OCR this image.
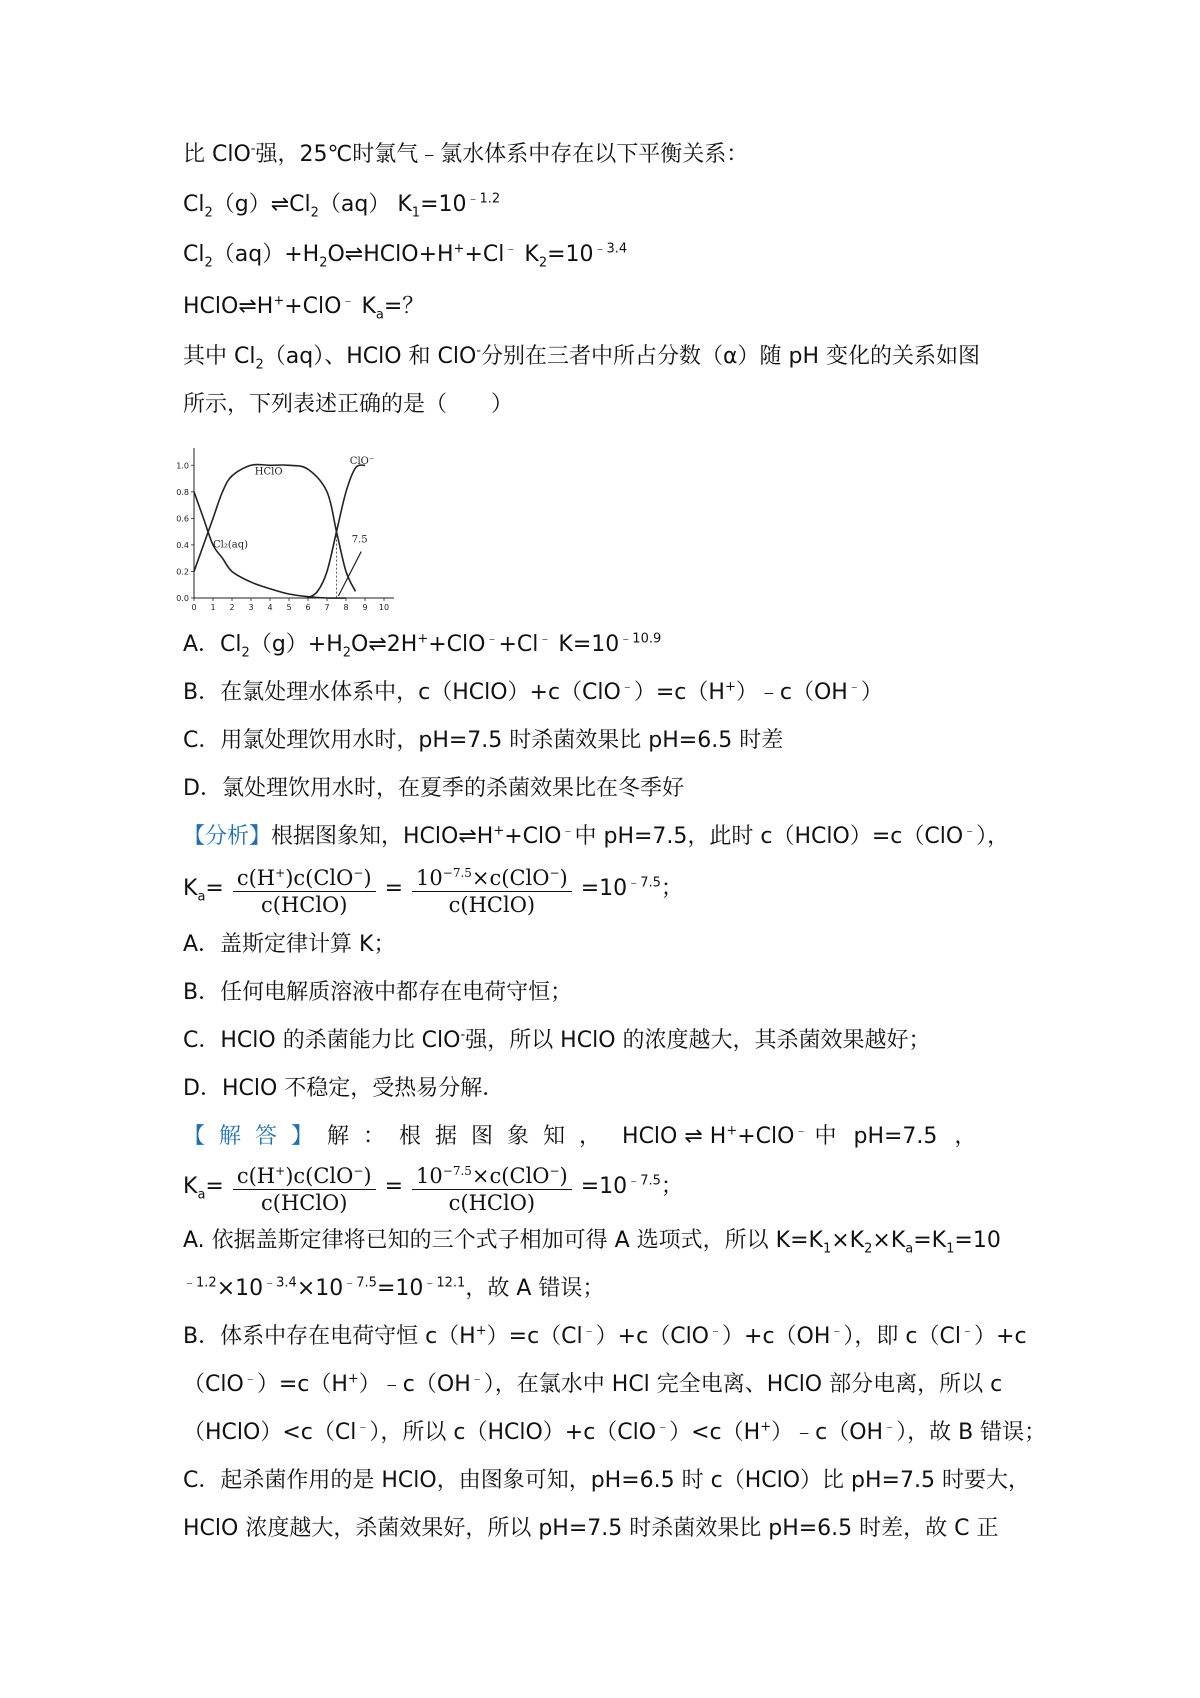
比 ClO-强，25℃时氯气﹣氯水体系中存在以下平衡关系：
$Cl_2(g)\rightleftharpoons Cl_2(aq)$ $K_1=10^{﹣1.2}$
$Cl_2(aq)+H_2O\rightleftharpoons HClO+H^++Cl^﹣$ $K_2=10^{﹣3.4}$
HClO⇌H++ClO﹣ $K_a=$？
其中 $Cl_2(aq)$、HClO 和 ClO-分别在三者中所占分数（α）随 pH 变化的关系如图
所示，下列表述正确的是（　　）
0 1 2 3 4 5 6 7 8 9 10
0.0
0.2
0.4
0.6
0.8
1.0
HClO
ClO⁻
Cl₂(aq)	7.5
A．$Cl_2(g)+H_2O\rightleftharpoons 2H^++ClO^﹣+Cl^﹣$ $K=10^{﹣10.9}$
B．在氯处理水体系中，c（HClO）+c（ClO﹣）=c（H+）﹣c（OH﹣）
C．用氯处理饮用水时，pH=7.5 时杀菌效果比 pH=6.5 时差
D．氯处理饮用水时，在夏季的杀菌效果比在冬季好
【分析】根据图象知，HClO⇌H++ClO﹣中 pH=7.5，此时 c（HClO）=c（ClO﹣），
$K_a= \frac{c(H^+)c(ClO^-)}{\text{c(HClO)}} = \frac{10^{-7.5}\times c(ClO^-)}{\text{c(HClO)}} =10^{﹣7.5}$；
A．盖斯定律计算 K；
B．任何电解质溶液中都存在电荷守恒；
C．HClO 的杀菌能力比 ClO-强，所以 HClO 的浓度越大，其杀菌效果越好；
D．HClO 不稳定，受热易分解．
【解答】解：根据图象知， HClO ⇌ H++ClO﹣ 中 pH=7.5 ，
$K_a= \frac{c(H^+)c(ClO^-)}{\text{c(HClO)}} = \frac{10^{-7.5}\times c(ClO^-)}{\text{c(HClO)}} =10^{﹣7.5}$；
A. 依据盖斯定律将已知的三个式子相加可得 A 选项式，所以 $K=K_1\times K_2\times K_a=K_1=10$
$^{﹣1.2}\times 10^{﹣3.4}\times 10^{﹣7.5}=10^{﹣12.1}$，故 A 错误；
B．体系中存在电荷守恒 c（H+）=c（Cl﹣）+c（ClO﹣）+c（OH﹣），即 c（Cl﹣）+c
（ClO﹣）=c（H+）﹣c（OH﹣），在氯水中 HCl 完全电离、HClO 部分电离，所以 c
（HClO）<c（Cl﹣），所以 c（HClO）+c（ClO﹣）<c（H+）﹣c（OH﹣），故 B 错误；
C．起杀菌作用的是 HClO，由图象可知，pH=6.5 时 c（HClO）比 pH=7.5 时要大，
HClO 浓度越大，杀菌效果好，所以 pH=7.5 时杀菌效果比 pH=6.5 时差，故 C 正
